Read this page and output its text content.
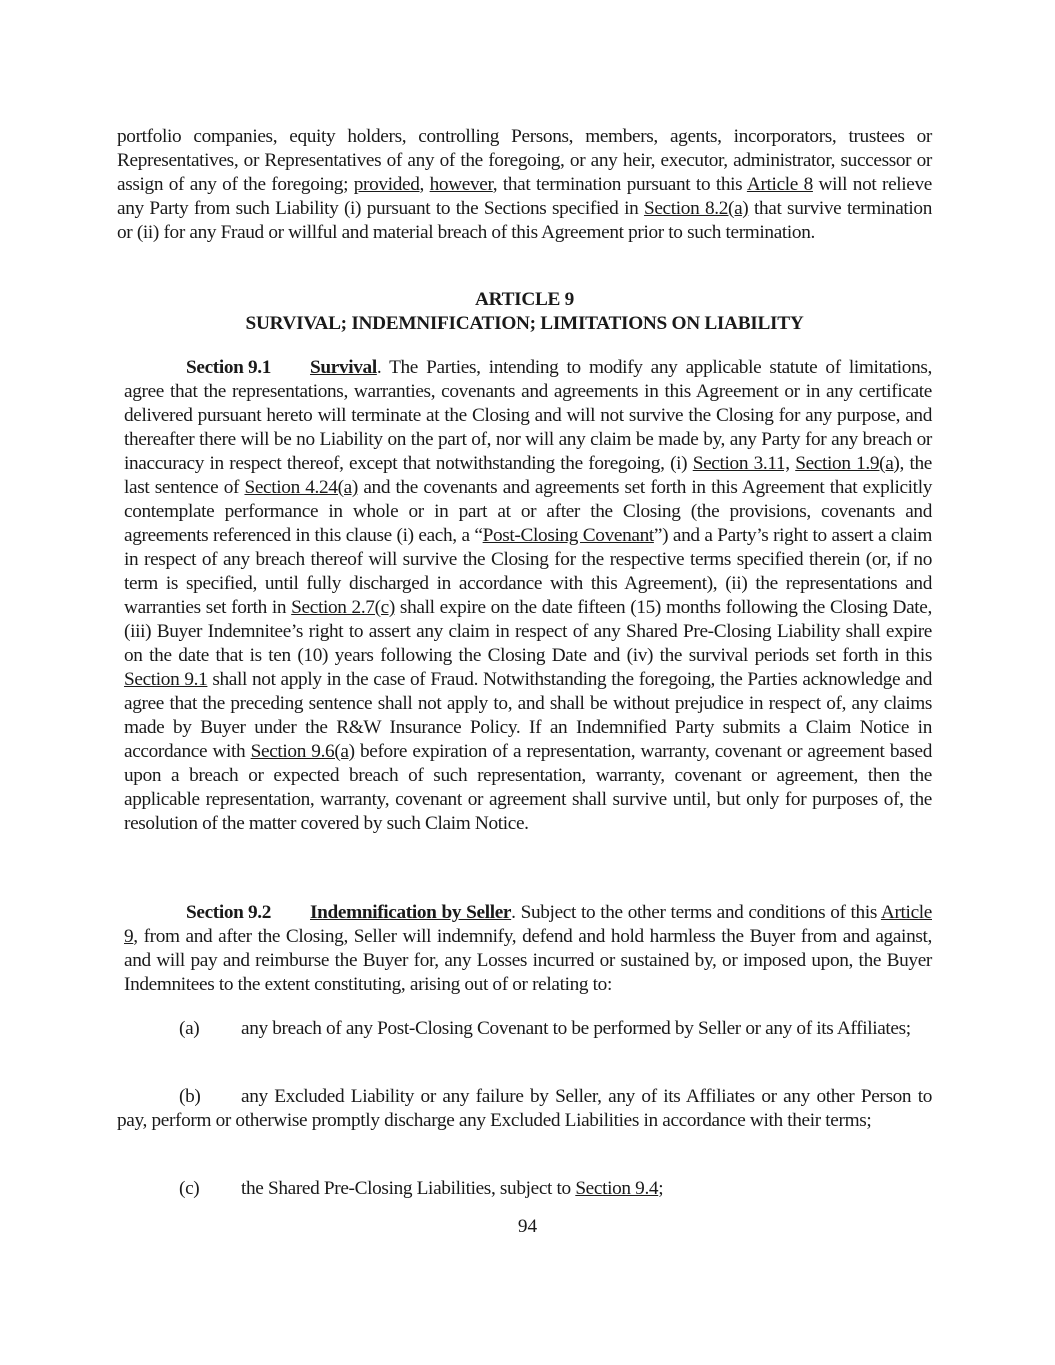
portfolio companies, equity holders, controlling Persons, members, agents, incorporators, trustees or Representatives, or Representatives of any of the foregoing, or any heir, executor, administrator, successor or assign of any of the foregoing; provided, however, that termination pursuant to this Article 8 will not relieve any Party from such Liability (i) pursuant to the Sections specified in Section 8.2(a) that survive termination or (ii) for any Fraud or willful and material breach of this Agreement prior to such termination.

ARTICLE 9
SURVIVAL; INDEMNIFICATION; LIMITATIONS ON LIABILITY

Section 9.1 Survival. The Parties, intending to modify any applicable statute of limitations, agree that the representations, warranties, covenants and agreements in this Agreement or in any certificate delivered pursuant hereto will terminate at the Closing and will not survive the Closing for any purpose, and thereafter there will be no Liability on the part of, nor will any claim be made by, any Party for any breach or inaccuracy in respect thereof, except that notwithstanding the foregoing, (i) Section 3.11, Section 1.9(a), the last sentence of Section 4.24(a) and the covenants and agreements set forth in this Agreement that explicitly contemplate performance in whole or in part at or after the Closing (the provisions, covenants and agreements referenced in this clause (i) each, a “Post-Closing Covenant”) and a Party’s right to assert a claim in respect of any breach thereof will survive the Closing for the respective terms specified therein (or, if no term is specified, until fully discharged in accordance with this Agreement), (ii) the representations and warranties set forth in Section 2.7(c) shall expire on the date fifteen (15) months following the Closing Date, (iii) Buyer Indemnitee’s right to assert any claim in respect of any Shared Pre-Closing Liability shall expire on the date that is ten (10) years following the Closing Date and (iv) the survival periods set forth in this Section 9.1 shall not apply in the case of Fraud. Notwithstanding the foregoing, the Parties acknowledge and agree that the preceding sentence shall not apply to, and shall be without prejudice in respect of, any claims made by Buyer under the R&W Insurance Policy. If an Indemnified Party submits a Claim Notice in accordance with Section 9.6(a) before expiration of a representation, warranty, covenant or agreement based upon a breach or expected breach of such representation, warranty, covenant or agreement, then the applicable representation, warranty, covenant or agreement shall survive until, but only for purposes of, the resolution of the matter covered by such Claim Notice.

Section 9.2 Indemnification by Seller. Subject to the other terms and conditions of this Article 9, from and after the Closing, Seller will indemnify, defend and hold harmless the Buyer from and against, and will pay and reimburse the Buyer for, any Losses incurred or sustained by, or imposed upon, the Buyer Indemnitees to the extent constituting, arising out of or relating to:

(a) any breach of any Post-Closing Covenant to be performed by Seller or any of its Affiliates;

(b) any Excluded Liability or any failure by Seller, any of its Affiliates or any other Person to pay, perform or otherwise promptly discharge any Excluded Liabilities in accordance with their terms;

(c) the Shared Pre-Closing Liabilities, subject to Section 9.4;

94
